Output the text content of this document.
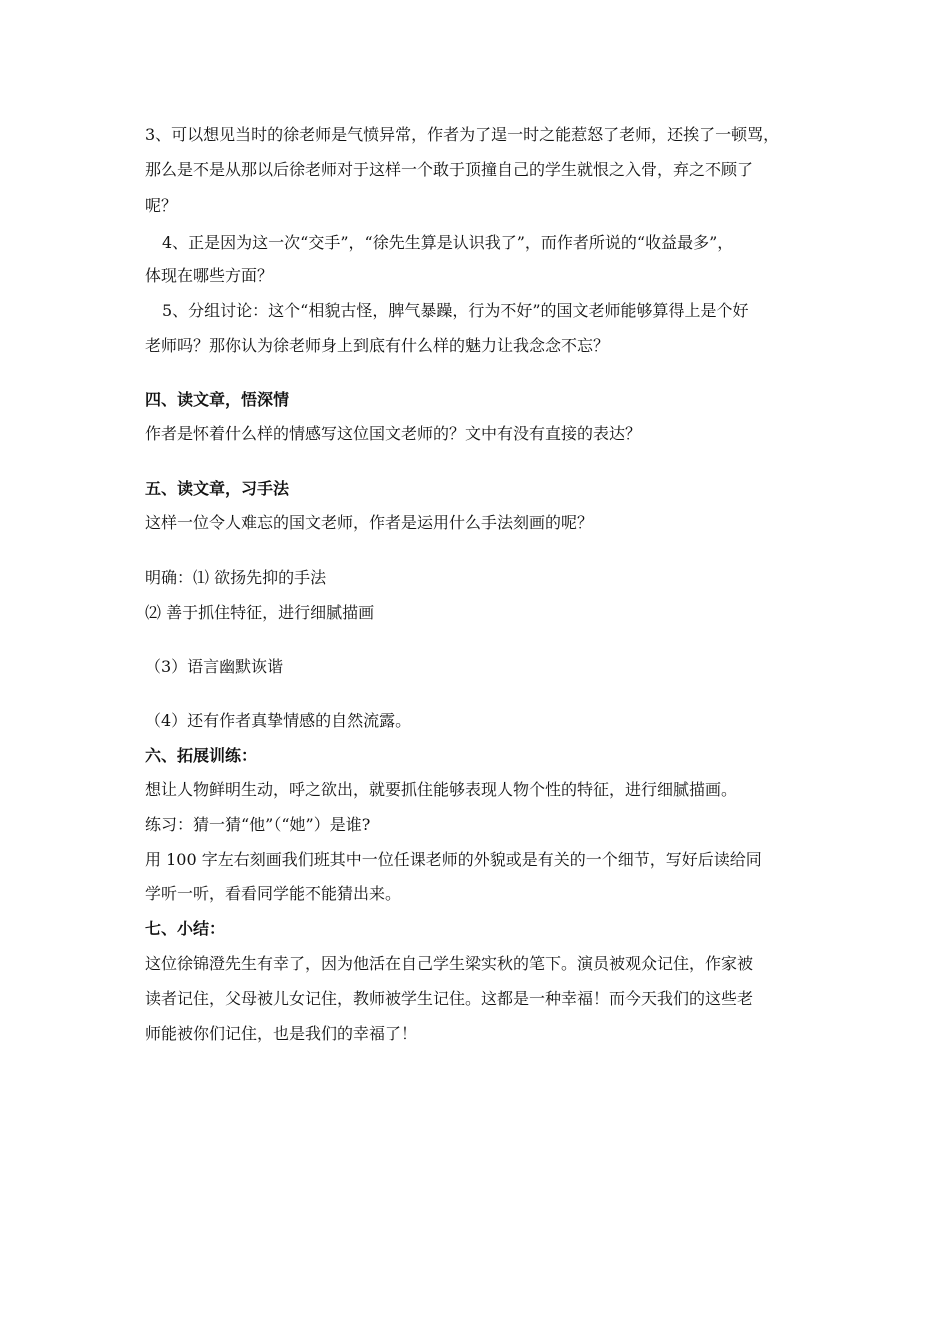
3、可以想见当时的徐老师是气愤异常，作者为了逞一时之能惹怒了老师，还挨了一顿骂，

那么是不是从那以后徐老师对于这样一个敢于顶撞自己的学生就恨之入骨，弃之不顾了

呢？

4、正是因为这一次“交手”，“徐先生算是认识我了”，而作者所说的“收益最多”，

体现在哪些方面？

5、分组讨论：这个“相貌古怪，脾气暴躁，行为不好”的国文老师能够算得上是个好

老师吗？那你认为徐老师身上到底有什么样的魅力让我念念不忘？

四、读文章，悟深情

作者是怀着什么样的情感写这位国文老师的？文中有没有直接的表达？

五、读文章，习手法

这样一位令人难忘的国文老师，作者是运用什么手法刻画的呢？

明确：⑴ 欲扬先抑的手法

⑵ 善于抓住特征，进行细腻描画

（3）语言幽默诙谐

（4）还有作者真挚情感的自然流露。

六、拓展训练：

想让人物鲜明生动，呼之欲出，就要抓住能够表现人物个性的特征，进行细腻描画。

练习：猜一猜“他”（“她”）是谁?

用 100 字左右刻画我们班其中一位任课老师的外貌或是有关的一个细节，写好后读给同

学听一听，看看同学能不能猜出来。

七、小结：

这位徐锦澄先生有幸了，因为他活在自己学生梁实秋的笔下。演员被观众记住，作家被

读者记住，父母被儿女记住，教师被学生记住。这都是一种幸福！而今天我们的这些老

师能被你们记住，也是我们的幸福了！
